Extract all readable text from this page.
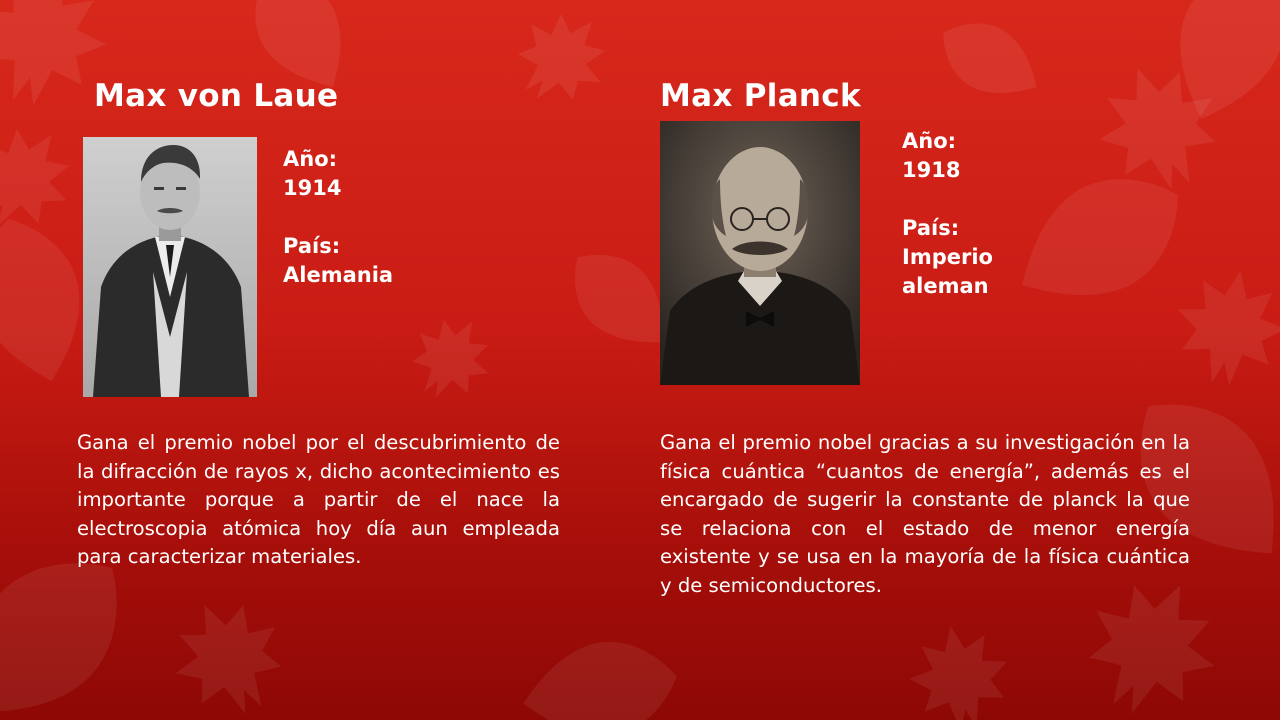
Max von Laue	Max Planck
Año:
1914
País:
Alemania
Año:
1918
País:
Imperio
aleman

Gana el premio nobel por el descubrimiento de la difracción de rayos x, dicho acontecimiento es importante porque a partir de el nace la electroscopia atómica hoy día aun empleada para caracterizar materiales.

Gana el premio nobel gracias a su investigación en la física cuántica “cuantos de energía”, además es el encargado de sugerir la constante de planck la que se relaciona con el estado de menor energía existente y se usa en la mayoría de la física cuántica y de semiconductores.
